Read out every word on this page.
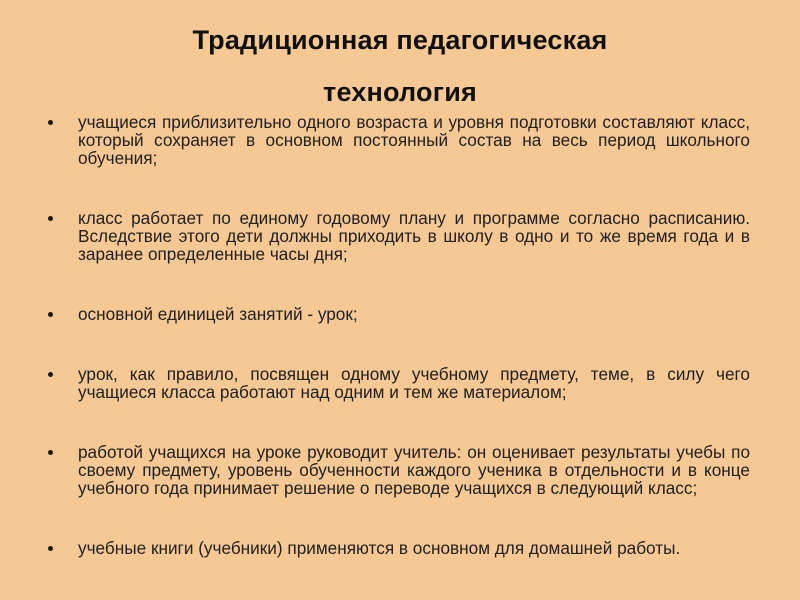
Традиционная педагогическая
технология
учащиеся приблизительно одного возраста и уровня подготовки составляют класс, который сохраняет в основном постоянный состав на весь период школьного обучения;
класс работает по единому годовому плану и программе согласно расписанию. Вследствие этого дети должны приходить в школу в одно и то же время года и в заранее определенные часы дня;
основной единицей занятий - урок;
урок, как правило, посвящен одному учебному предмету, теме, в силу чего учащиеся класса работают над одним и тем же материалом;
работой учащихся на уроке руководит учитель: он оценивает результаты учебы по своему предмету, уровень обученности каждого ученика в отдельности и в конце учебного года принимает решение о переводе учащихся в следующий класс;
учебные книги (учебники) применяются в основном для домашней работы.
